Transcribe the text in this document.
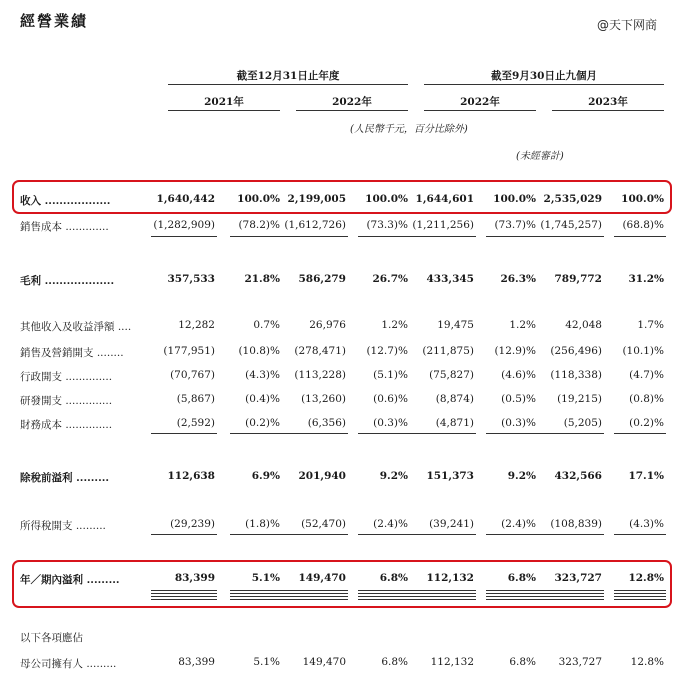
經營業績	@天下网商
截至12月31日止年度	截至9月30日止九個月
2021年	2022年	2022年	2023年
(人民幣千元，百分比除外)
(未經審計)
收入 ..................	1,640,442	100.0% 2,199,005	100.0% 1,644,601	100.0% 2,535,029	100.0%
銷售成本 .............	(1,282,909)	(78.2)% (1,612,726)	(73.3)% (1,211,256)	(73.7)% (1,745,257)	(68.8)%
毛利 ...................	357,533	21.8%	586,279	26.7%	433,345	26.3%	789,772	31.2%
其他收入及收益淨額 ....	12,282	0.7%	26,976	1.2%	19,475	1.2%	42,048	1.7%
銷售及營銷開支 ........	(177,951)	(10.8)%	(278,471)	(12.7)%	(211,875)	(12.9)%	(256,496)	(10.1)%
行政開支 ..............	(70,767)	(4.3)%	(113,228)	(5.1)%	(75,827)	(4.6)%	(118,338)	(4.7)%
研發開支 ..............	(5,867)	(0.4)%	(13,260)	(0.6)%	(8,874)	(0.5)%	(19,215)	(0.8)%
財務成本 ..............	(2,592)	(0.2)%	(6,356)	(0.3)%	(4,871)	(0.3)%	(5,205)	(0.2)%
除稅前溢利 .........	112,638	6.9%	201,940	9.2%	151,373	9.2%	432,566	17.1%
所得稅開支 .........	(29,239)	(1.8)%	(52,470)	(2.4)%	(39,241)	(2.4)%	(108,839)	(4.3)%
年／期內溢利 .........	83,399	5.1%	149,470	6.8%	112,132	6.8%	323,727	12.8%
以下各項應佔
母公司擁有人 .........	83,399	5.1%	149,470	6.8%	112,132	6.8%	323,727	12.8%
